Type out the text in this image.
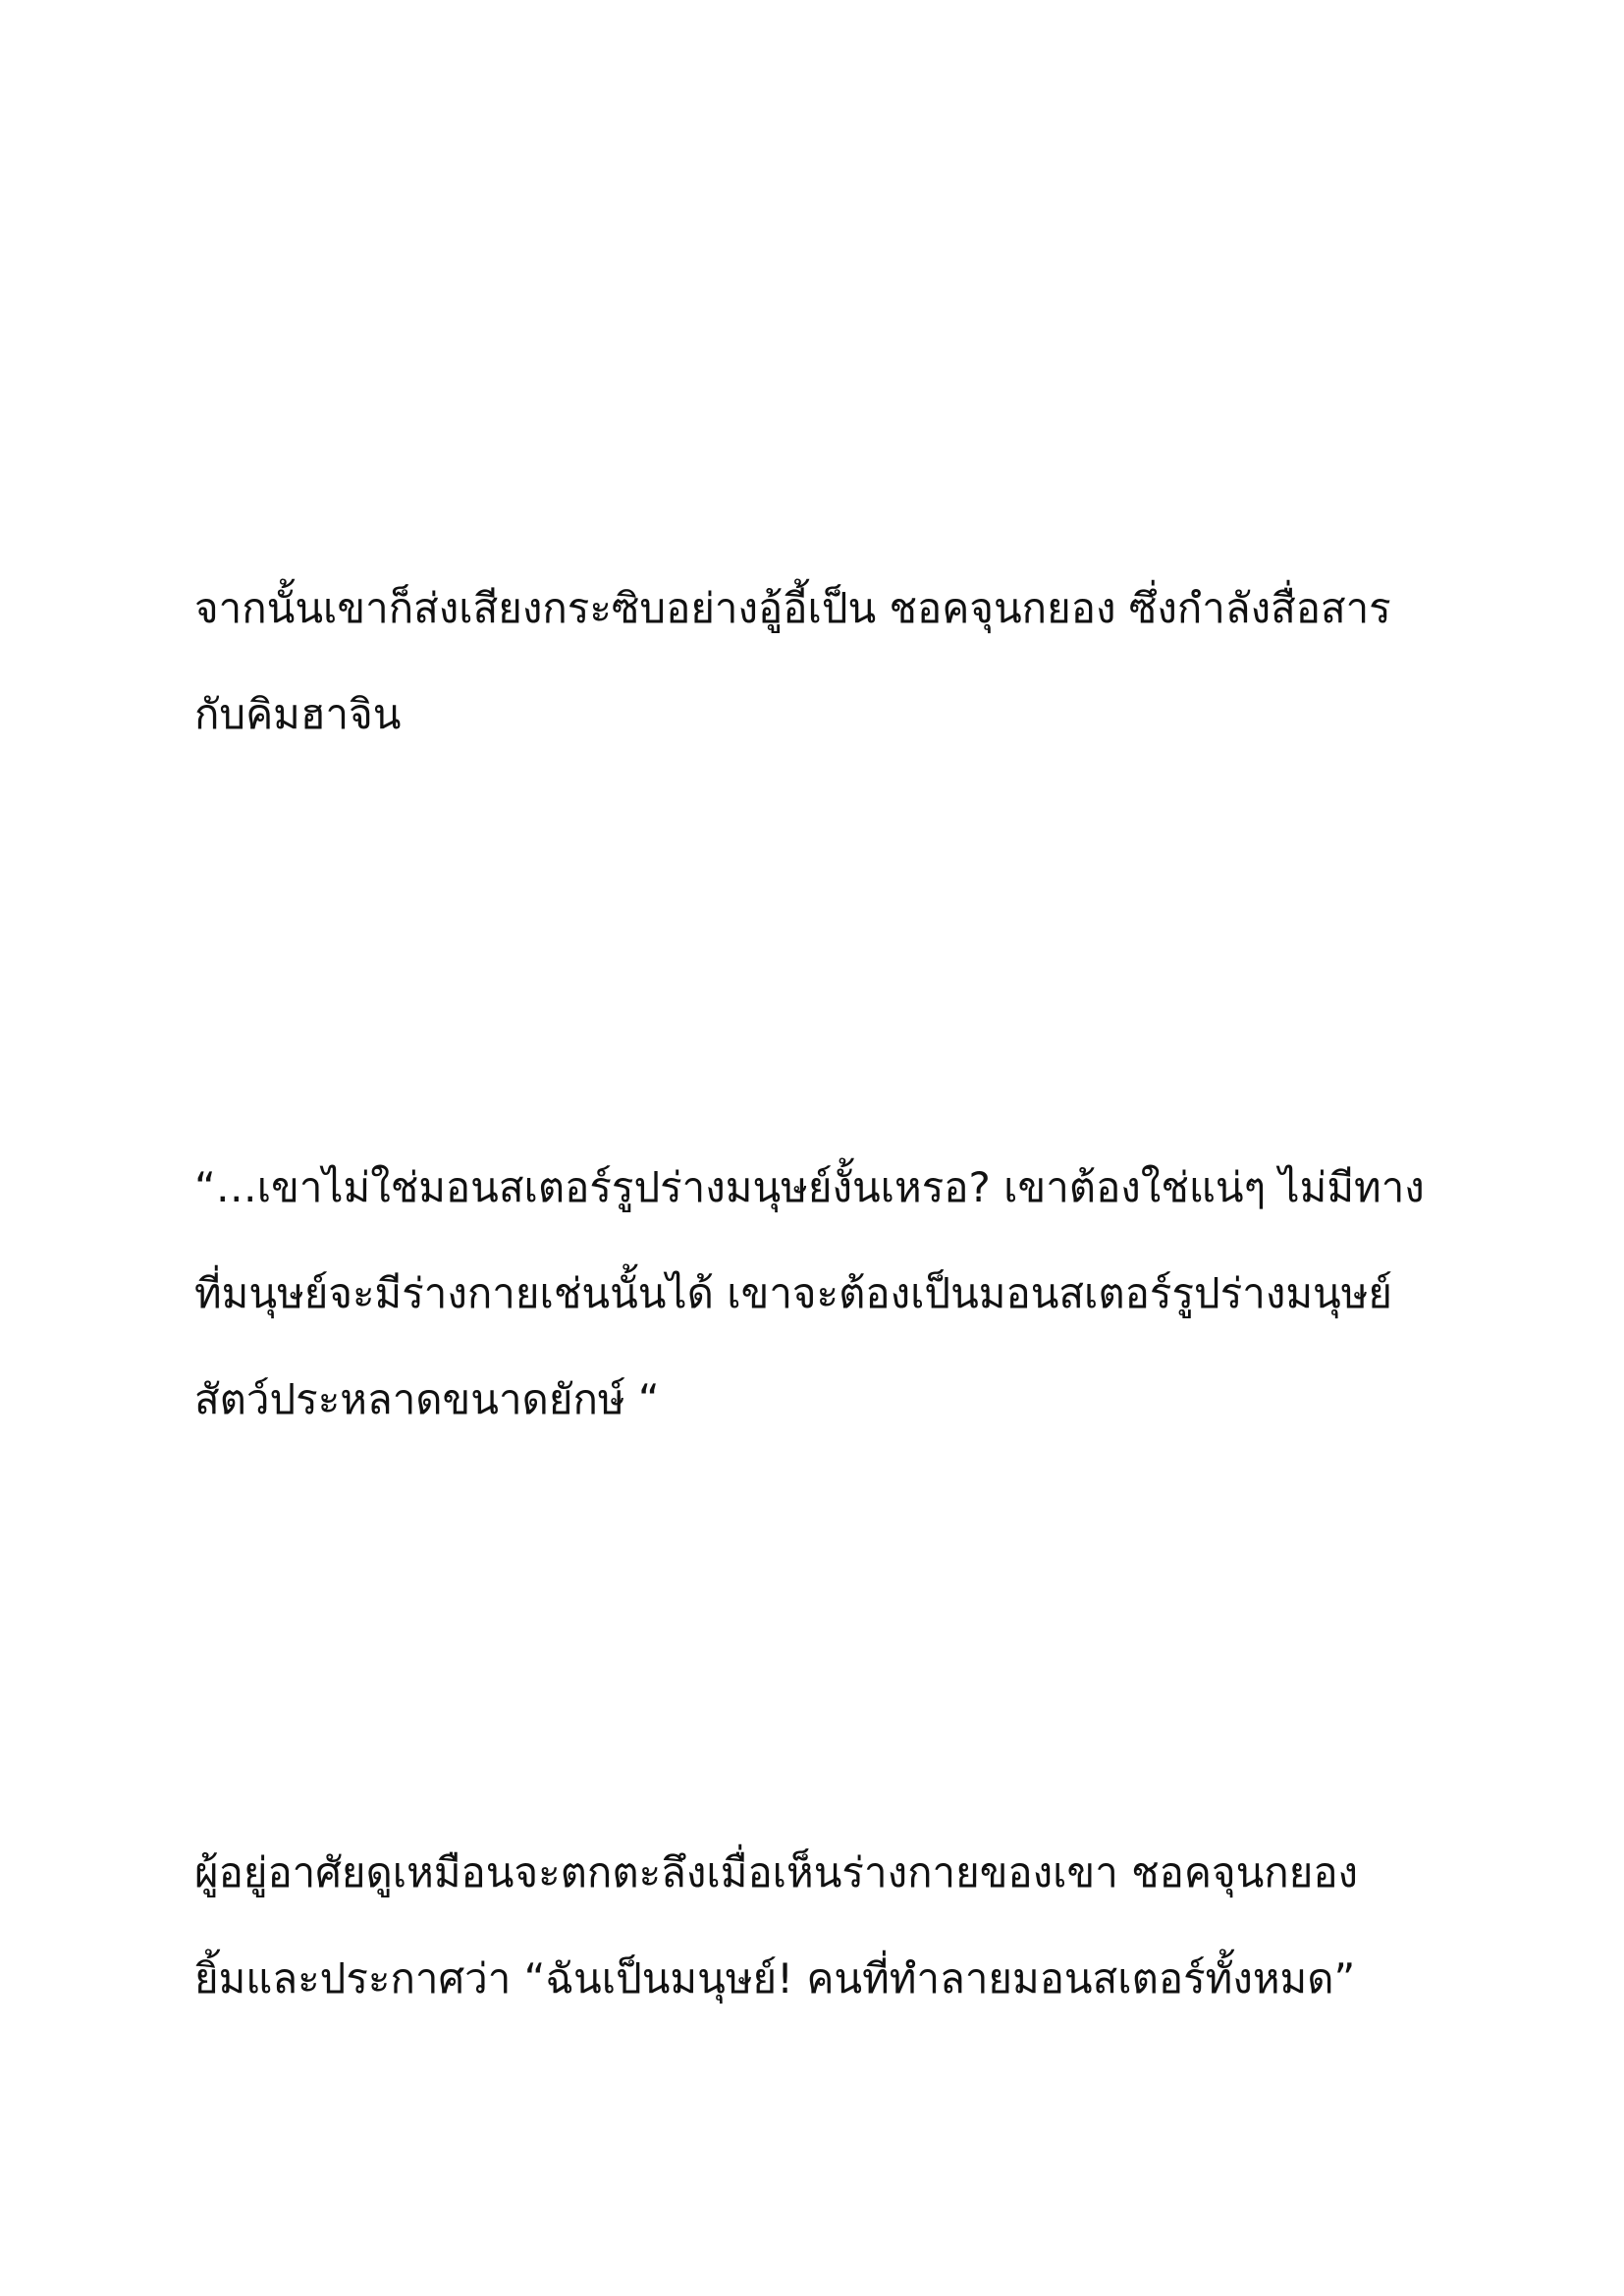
จากนั้นเขาก็ส่งเสียงกระซิบอย่างอู้อี้เป็น ชอคจุนกยอง ซึ่งกำลังสื่อสาร
กับคิมฮาจิน
“…เขาไม่ใช่มอนสเตอร์รูปร่างมนุษย์งั้นเหรอ? เขาต้องใช่แน่ๆ ไม่มีทาง
ที่มนุษย์จะมีร่างกายเช่นนั้นได้ เขาจะต้องเป็นมอนสเตอร์รูปร่างมนุษย์
สัตว์ประหลาดขนาดยักษ์ “
ผู้อยู่อาศัยดูเหมือนจะตกตะลึงเมื่อเห็นร่างกายของเขา ชอคจุนกยอง
ยิ้มและประกาศว่า “ฉันเป็นมนุษย์! คนที่ทำลายมอนสเตอร์ทั้งหมด”
